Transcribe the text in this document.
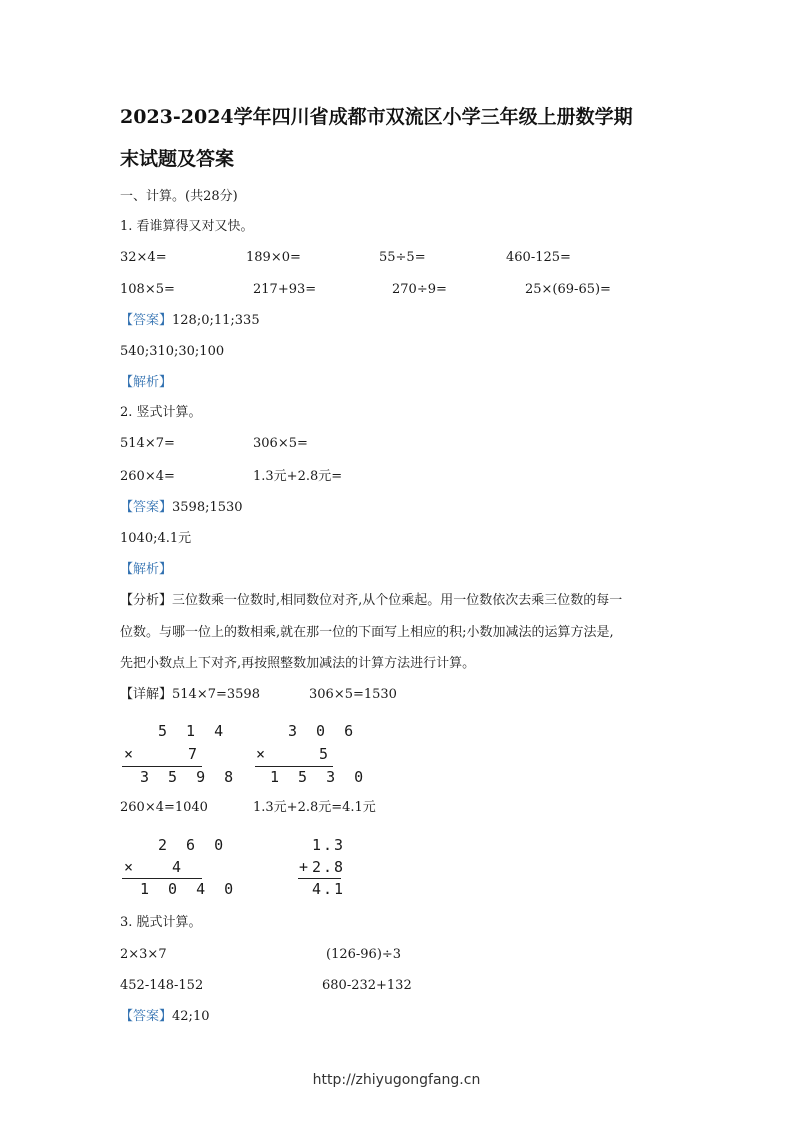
2023-2024学年四川省成都市双流区小学三年级上册数学期
末试题及答案
一、计算。(共28分)
1. 看谁算得又对又快。
32×4=	189×0=	55÷5=	460-125=
108×5=	217+93=	270÷9=	25×(69-65)=
【答案】128;0;11;335
540;310;30;100
【解析】
2. 竖式计算。
514×7=	306×5=
260×4=	1.3元+2.8元=
【答案】3598;1530
1040;4.1元
【解析】
【分析】三位数乘一位数时,相同数位对齐,从个位乘起。用一位数依次去乘三位数的每一
位数。与哪一位上的数相乘,就在那一位的下面写上相应的积;小数加减法的运算方法是,
先把小数点上下对齐,再按照整数加减法的计算方法进行计算。
【详解】514×7=3598	306×5=1530
5 1 4
×	7
3 5 9 8
3 0 6
×	5
1 5 3 0
260×4=1040	1.3元+2.8元=4.1元
2 6 0
× 4
1 0 4 0
1.3
+
2.8
4.1
3. 脱式计算。
2×3×7	(126-96)÷3
452-148-152	680-232+132
【答案】42;10
http://zhiyugongfang.cn
